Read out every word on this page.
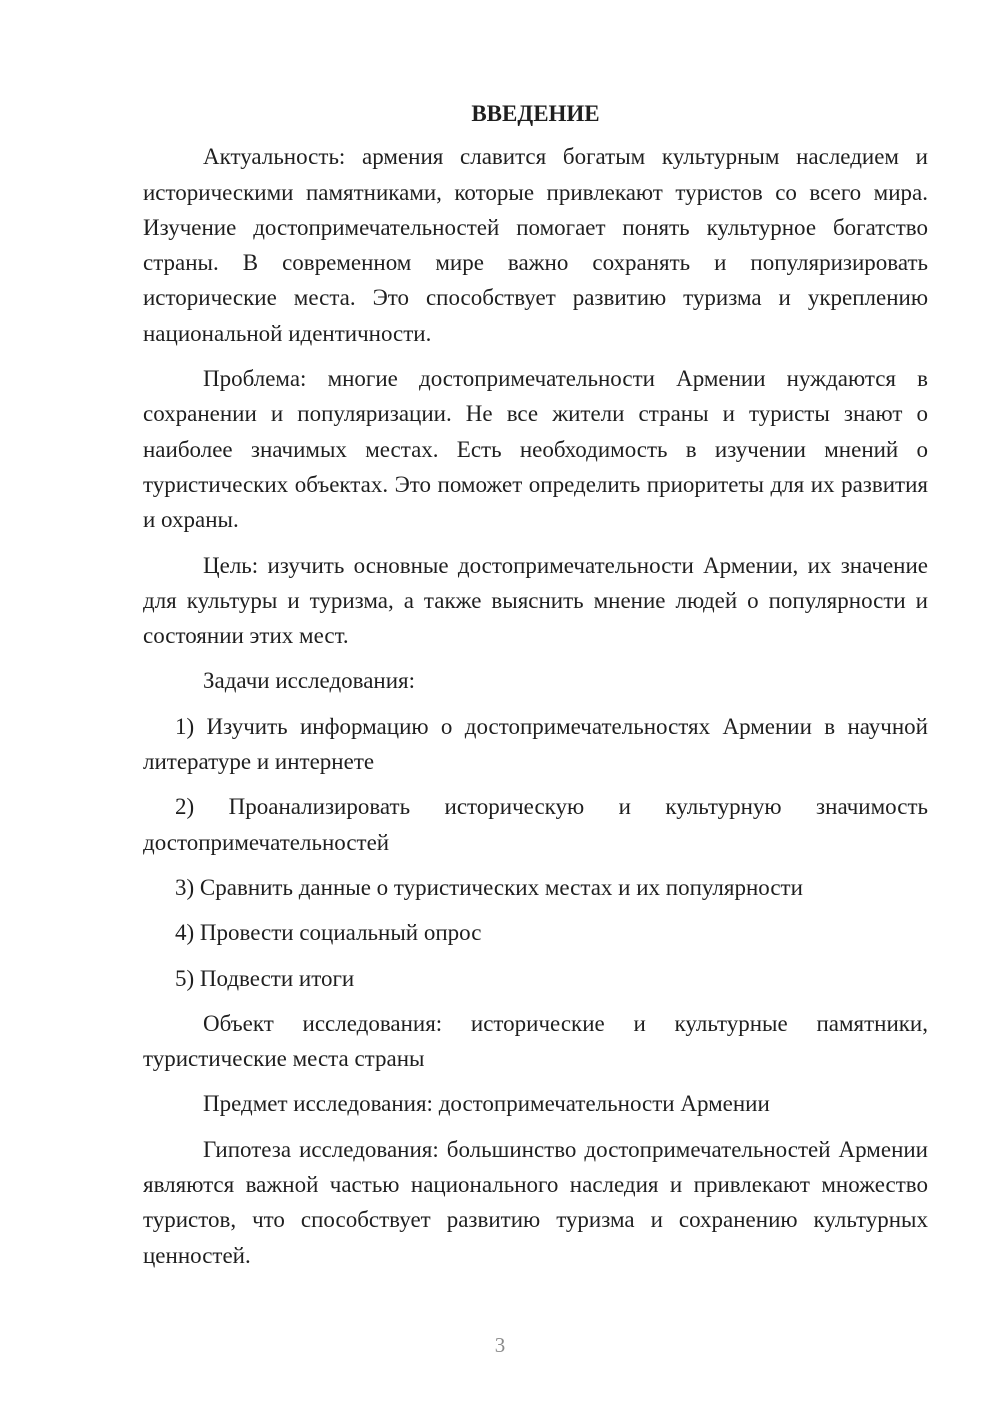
ВВЕДЕНИЕ
Актуальность: армения славится богатым культурным наследием и историческими памятниками, которые привлекают туристов со всего мира. Изучение достопримечательностей помогает понять культурное богатство страны. В современном мире важно сохранять и популяризировать исторические места. Это способствует развитию туризма и укреплению национальной идентичности.
Проблема: многие достопримечательности Армении нуждаются в сохранении и популяризации. Не все жители страны и туристы знают о наиболее значимых местах. Есть необходимость в изучении мнений о туристических объектах. Это поможет определить приоритеты для их развития и охраны.
Цель: изучить основные достопримечательности Армении, их значение для культуры и туризма, а также выяснить мнение людей о популярности и состоянии этих мест.
Задачи исследования:
1) Изучить информацию о достопримечательностях Армении в научной литературе и интернете
2) Проанализировать историческую и культурную значимость достопримечательностей
3) Сравнить данные о туристических местах и их популярности
4) Провести социальный опрос
5) Подвести итоги
Объект исследования: исторические и культурные памятники, туристические места страны
Предмет исследования: достопримечательности Армении
Гипотеза исследования: большинство достопримечательностей Армении являются важной частью национального наследия и привлекают множество туристов, что способствует развитию туризма и сохранению культурных ценностей.
3
